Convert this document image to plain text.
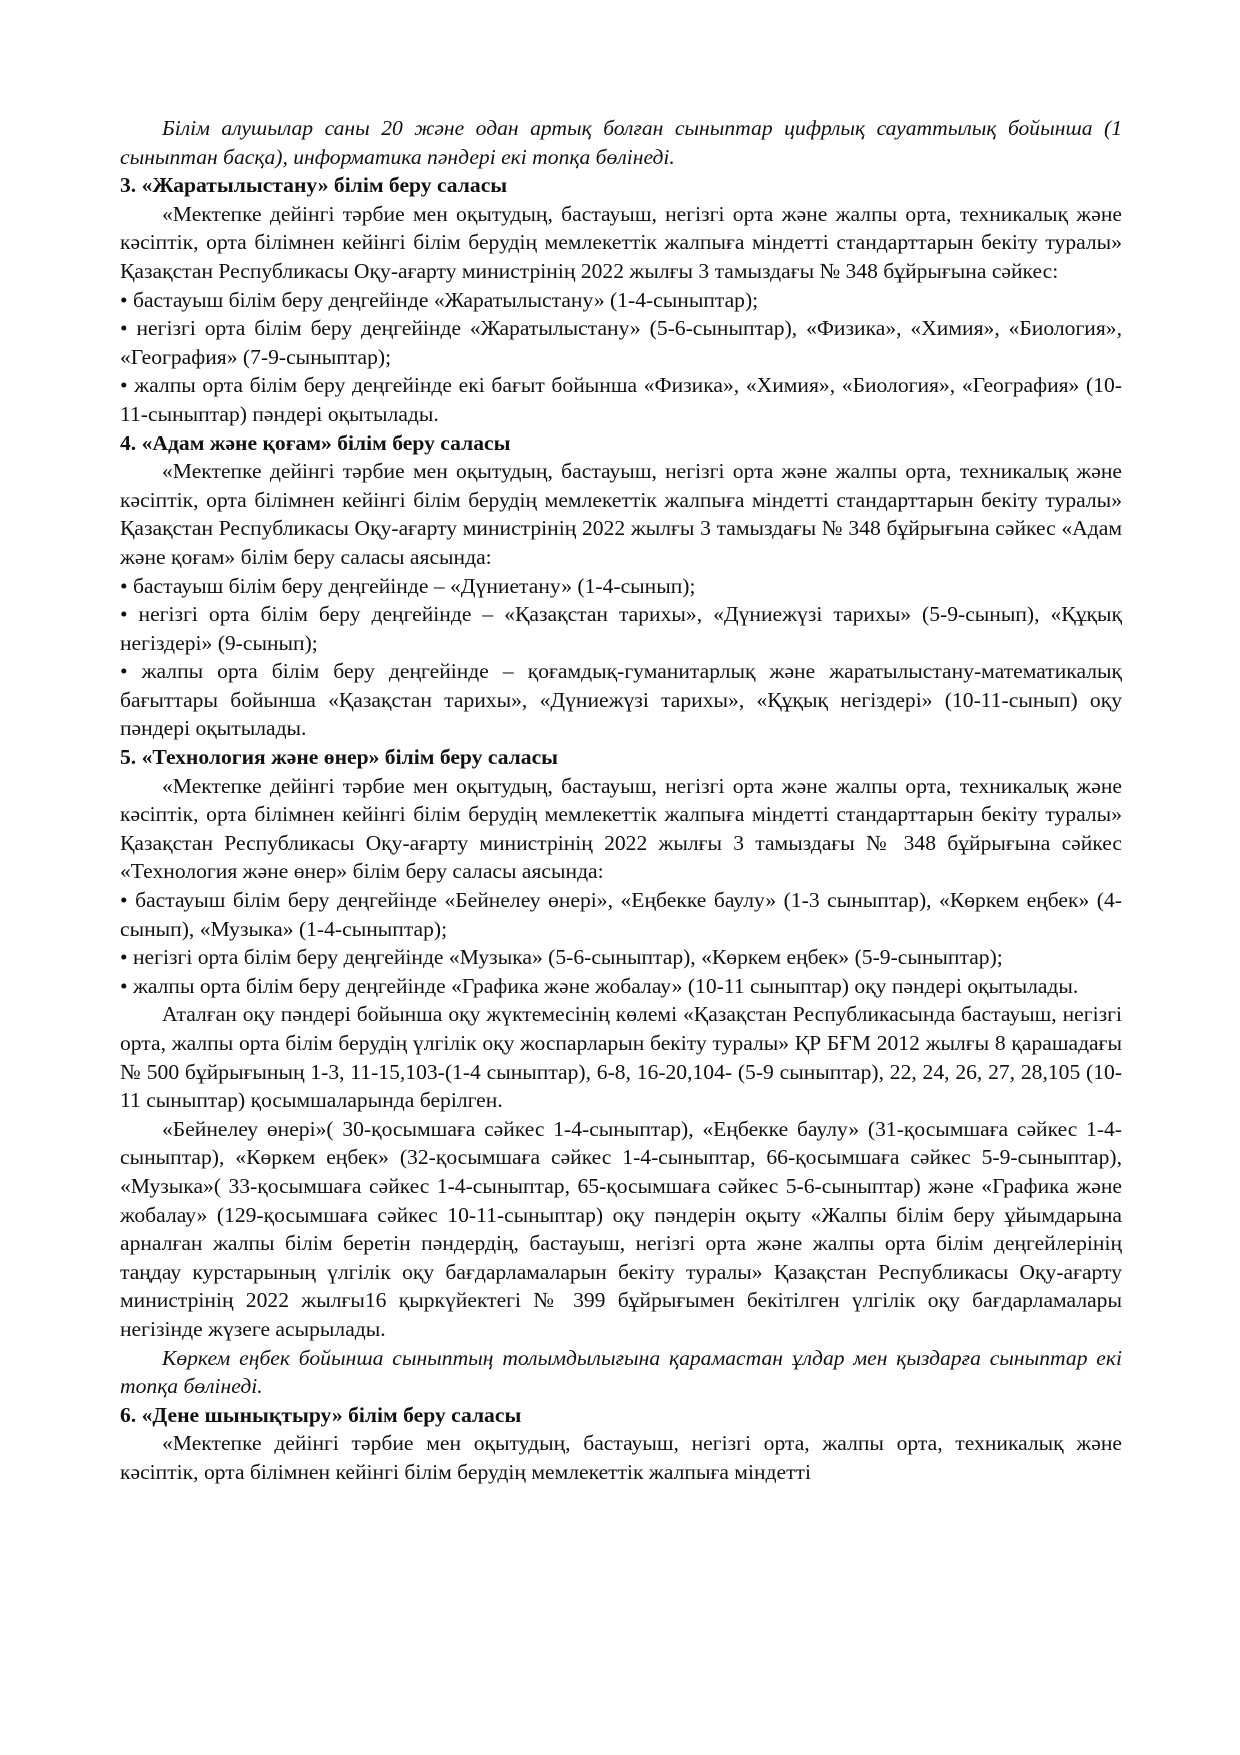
Білім алушылар саны 20 және одан артық болған сыныптар цифрлық сауаттылық бойынша (1 сыныптан басқа), информатика пәндері екі топқа бөлінеді.

3. «Жаратылыстану» білім беру саласы

«Мектепке дейінгі тәрбие мен оқытудың, бастауыш, негізгі орта және жалпы орта, техникалық және кәсіптік, орта білімнен кейінгі білім берудің мемлекеттік жалпыға міндетті стандарттарын бекіту туралы» Қазақстан Республикасы Оқу-ағарту министрінің 2022 жылғы 3 тамыздағы № 348 бұйрығына сәйкес:

• бастауыш білім беру деңгейінде «Жаратылыстану» (1-4-сыныптар);

• негізгі орта білім беру деңгейінде «Жаратылыстану» (5-6-сыныптар), «Физика», «Химия», «Биология», «География» (7-9-сыныптар);

• жалпы орта білім беру деңгейінде екі бағыт бойынша «Физика», «Химия», «Биология», «География» (10-11-сыныптар) пәндері оқытылады.

4. «Адам және қоғам» білім беру саласы

«Мектепке дейінгі тәрбие мен оқытудың, бастауыш, негізгі орта және жалпы орта, техникалық және кәсіптік, орта білімнен кейінгі білім берудің мемлекеттік жалпыға міндетті стандарттарын бекіту туралы» Қазақстан Республикасы Оқу-ағарту министрінің 2022 жылғы 3 тамыздағы № 348 бұйрығына сәйкес «Адам және қоғам» білім беру саласы аясында:

• бастауыш білім беру деңгейінде – «Дүниетану» (1-4-сынып);

• негізгі орта білім беру деңгейінде – «Қазақстан тарихы», «Дүниежүзі тарихы» (5-9-сынып), «Құқық негіздері» (9-сынып);

• жалпы орта білім беру деңгейінде – қоғамдық-гуманитарлық және жаратылыстану-математикалық бағыттары бойынша «Қазақстан тарихы», «Дүниежүзі тарихы», «Құқық негіздері» (10-11-сынып) оқу пәндері оқытылады.

5. «Технология және өнер» білім беру саласы

«Мектепке дейінгі тәрбие мен оқытудың, бастауыш, негізгі орта және жалпы орта, техникалық және кәсіптік, орта білімнен кейінгі білім берудің мемлекеттік жалпыға міндетті стандарттарын бекіту туралы» Қазақстан Республикасы Оқу-ағарту министрінің 2022 жылғы 3 тамыздағы № 348 бұйрығына сәйкес «Технология және өнер» білім беру саласы аясында:

• бастауыш білім беру деңгейінде «Бейнелеу өнері», «Еңбекке баулу» (1-3 сыныптар), «Көркем еңбек» (4-сынып), «Музыка» (1-4-сыныптар);

• негізгі орта білім беру деңгейінде «Музыка» (5-6-сыныптар), «Көркем еңбек» (5-9-сыныптар);

• жалпы орта білім беру деңгейінде «Графика және жобалау» (10-11 сыныптар) оқу пәндері оқытылады.

Аталған оқу пәндері бойынша оқу жүктемесінің көлемі «Қазақстан Республикасында бастауыш, негізгі орта, жалпы орта білім берудің үлгілік оқу жоспарларын бекіту туралы» ҚР БҒМ 2012 жылғы 8 қарашадағы № 500 бұйрығының 1-3, 11-15,103-(1-4 сыныптар), 6-8, 16-20,104- (5-9 сыныптар), 22, 24, 26, 27, 28,105 (10-11 сыныптар) қосымшаларында берілген.

«Бейнелеу өнері»( 30-қосымшаға сәйкес 1-4-сыныптар), «Еңбекке баулу» (31-қосымшаға сәйкес 1-4-сыныптар), «Көркем еңбек» (32-қосымшаға сәйкес 1-4-сыныптар, 66-қосымшаға сәйкес 5-9-сыныптар), «Музыка»( 33-қосымшаға сәйкес 1-4-сыныптар, 65-қосымшаға сәйкес 5-6-сыныптар) және «Графика және жобалау» (129-қосымшаға сәйкес 10-11-сыныптар) оқу пәндерін оқыту «Жалпы білім беру ұйымдарына арналған жалпы білім беретін пәндердің, бастауыш, негізгі орта және жалпы орта білім деңгейлерінің таңдау курстарының үлгілік оқу бағдарламаларын бекіту туралы» Қазақстан Республикасы Оқу-ағарту министрінің 2022 жылғы16 қыркүйектегі № 399 бұйрығымен бекітілген үлгілік оқу бағдарламалары негізінде жүзеге асырылады.

Көркем еңбек бойынша сыныптың толымдылығына қарамастан ұлдар мен қыздарға сыныптар екі топқа бөлінеді.

6. «Дене шынықтыру» білім беру саласы

«Мектепке дейінгі тәрбие мен оқытудың, бастауыш, негізгі орта, жалпы орта, техникалық және кәсіптік, орта білімнен кейінгі білім берудің мемлекеттік жалпыға міндетті
